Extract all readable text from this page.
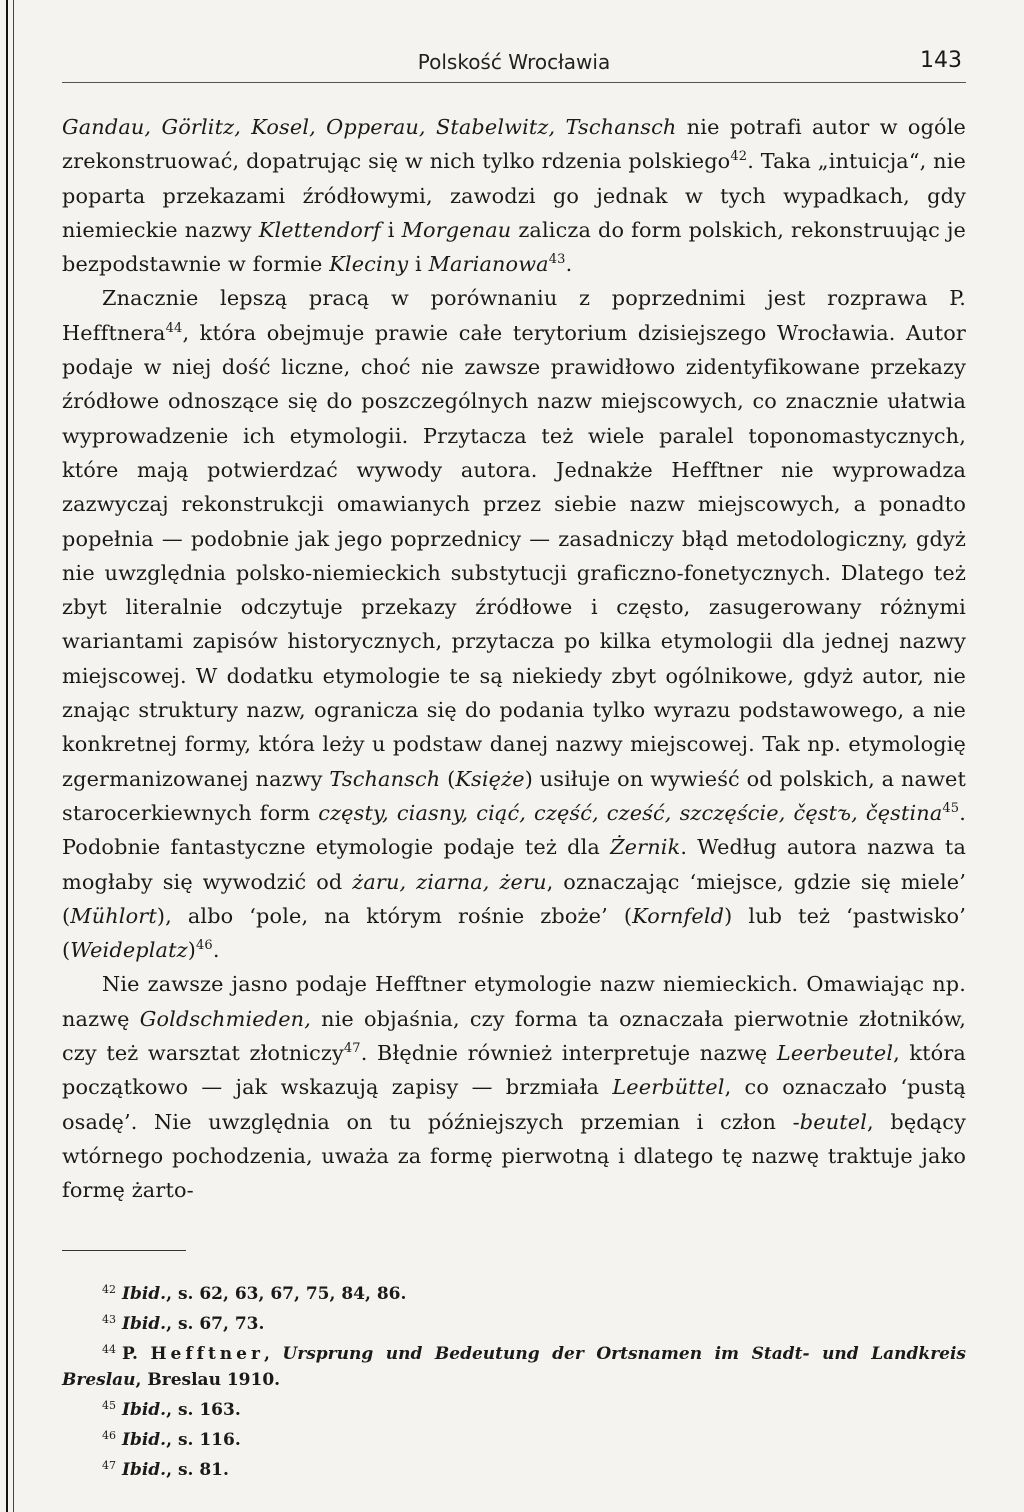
Polskość Wrocławia	143

Gandau, Görlitz, Kosel, Opperau, Stabelwitz, Tschansch nie potrafi autor w ogóle zrekonstruować, dopatrując się w nich tylko rdzenia polskiego$^{42}$. Taka „intuicja“, nie poparta przekazami źródłowymi, zawodzi go jednak w tych wypadkach, gdy niemieckie nazwy Klettendorf i Morgenau zalicza do form polskich, rekonstruując je bezpodstawnie w formie Kleciny i Marianowa$^{43}$.

Znacznie lepszą pracą w porównaniu z poprzednimi jest rozprawa P. Hefftnera$^{44}$, która obejmuje prawie całe terytorium dzisiejszego Wrocławia. Autor podaje w niej dość liczne, choć nie zawsze prawidłowo zidentyfikowane przekazy źródłowe odnoszące się do poszczególnych nazw miejscowych, co znacznie ułatwia wyprowadzenie ich etymologii. Przytacza też wiele paralel toponomastycznych, które mają potwierdzać wywody autora. Jednakże Hefftner nie wyprowadza zazwyczaj rekonstrukcji omawianych przez siebie nazw miejscowych, a ponadto popełnia — podobnie jak jego poprzednicy — zasadniczy błąd metodologiczny, gdyż nie uwzględnia polsko-niemieckich substytucji graficzno-fonetycznych. Dlatego też zbyt literalnie odczytuje przekazy źródłowe i często, zasugerowany różnymi wariantami zapisów historycznych, przytacza po kilka etymologii dla jednej nazwy miejscowej. W dodatku etymologie te są niekiedy zbyt ogólnikowe, gdyż autor, nie znając struktury nazw, ogranicza się do podania tylko wyrazu podstawowego, a nie konkretnej formy, która leży u podstaw danej nazwy miejscowej. Tak np. etymologię zgermanizowanej nazwy Tschansch (Księże) usiłuje on wywieść od polskich, a nawet starocerkiewnych form częsty, ciasny, ciąć, część, cześć, szczęście, čęstъ, čęstina$^{45}$. Podobnie fantastyczne etymologie podaje też dla Żernik. Według autora nazwa ta mogłaby się wywodzić od żaru, ziarna, żeru, oznaczając ‘miejsce, gdzie się miele’ (Mühlort), albo ‘pole, na którym rośnie zboże’ (Kornfeld) lub też ‘pastwisko’ (Weideplatz)$^{46}$.

Nie zawsze jasno podaje Hefftner etymologie nazw niemieckich. Omawiając np. nazwę Goldschmieden, nie objaśnia, czy forma ta oznaczała pierwotnie złotników, czy też warsztat złotniczy$^{47}$. Błędnie również interpretuje nazwę Leerbeutel, która początkowo — jak wskazują zapisy — brzmiała Leerbüttel, co oznaczało ‘pustą osadę’. Nie uwzględnia on tu późniejszych przemian i człon -beutel, będący wtórnego pochodzenia, uważa za formę pierwotną i dlatego tę nazwę traktuje jako formę żarto-

$^{42}$ Ibid., s. 62, 63, 67, 75, 84, 86.

$^{43}$ Ibid., s. 67, 73.

$^{44}$ P. Hefftner, Ursprung und Bedeutung der Ortsnamen im Stadt- und Landkreis Breslau, Breslau 1910.

$^{45}$ Ibid., s. 163.

$^{46}$ Ibid., s. 116.

$^{47}$ Ibid., s. 81.
